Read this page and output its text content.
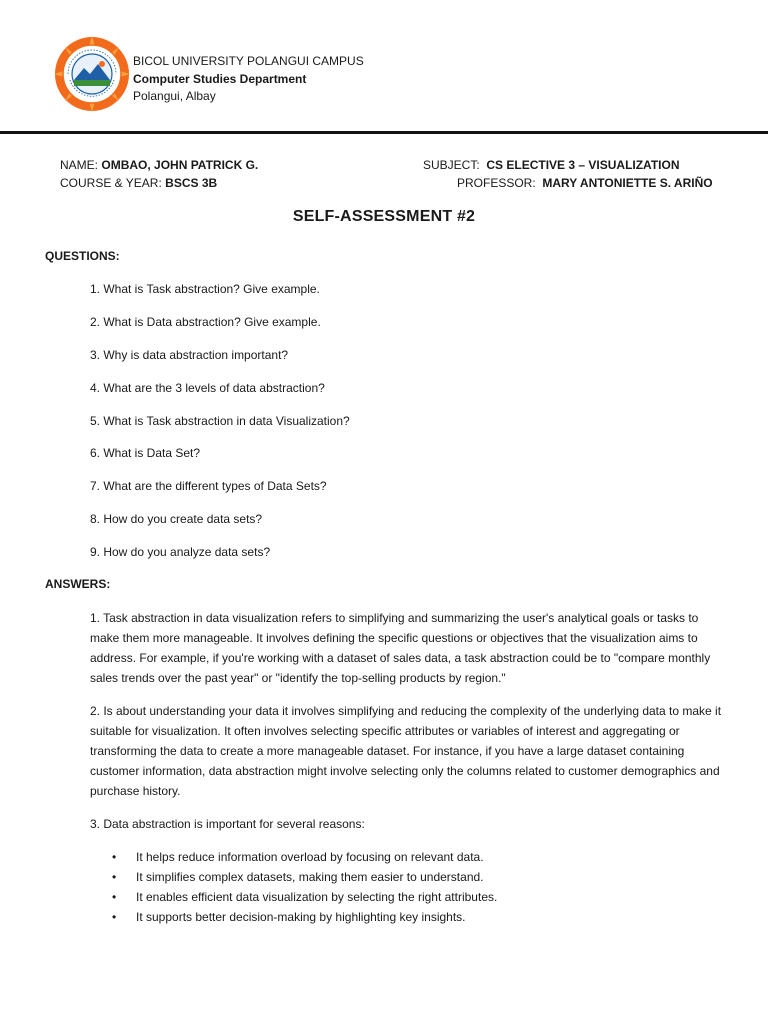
BICOL UNIVERSITY POLANGUI CAMPUS
Computer Studies Department
Polangui, Albay
NAME: OMBAO, JOHN PATRICK G.
COURSE & YEAR: BSCS 3B
SUBJECT: CS ELECTIVE 3 – VISUALIZATION
PROFESSOR: MARY ANTONIETTE S. ARIÑO
SELF-ASSESSMENT #2
QUESTIONS:
1. What is Task abstraction? Give example.
2. What is Data abstraction? Give example.
3. Why is data abstraction important?
4. What are the 3 levels of data abstraction?
5. What is Task abstraction in data Visualization?
6. What is Data Set?
7. What are the different types of Data Sets?
8. How do you create data sets?
9. How do you analyze data sets?
ANSWERS:
1. Task abstraction in data visualization refers to simplifying and summarizing the user's analytical goals or tasks to make them more manageable. It involves defining the specific questions or objectives that the visualization aims to address. For example, if you're working with a dataset of sales data, a task abstraction could be to "compare monthly sales trends over the past year" or "identify the top-selling products by region."
2. Is about understanding your data it involves simplifying and reducing the complexity of the underlying data to make it suitable for visualization. It often involves selecting specific attributes or variables of interest and aggregating or transforming the data to create a more manageable dataset. For instance, if you have a large dataset containing customer information, data abstraction might involve selecting only the columns related to customer demographics and purchase history.
3. Data abstraction is important for several reasons:
• It helps reduce information overload by focusing on relevant data.
• It simplifies complex datasets, making them easier to understand.
• It enables efficient data visualization by selecting the right attributes.
• It supports better decision-making by highlighting key insights.
